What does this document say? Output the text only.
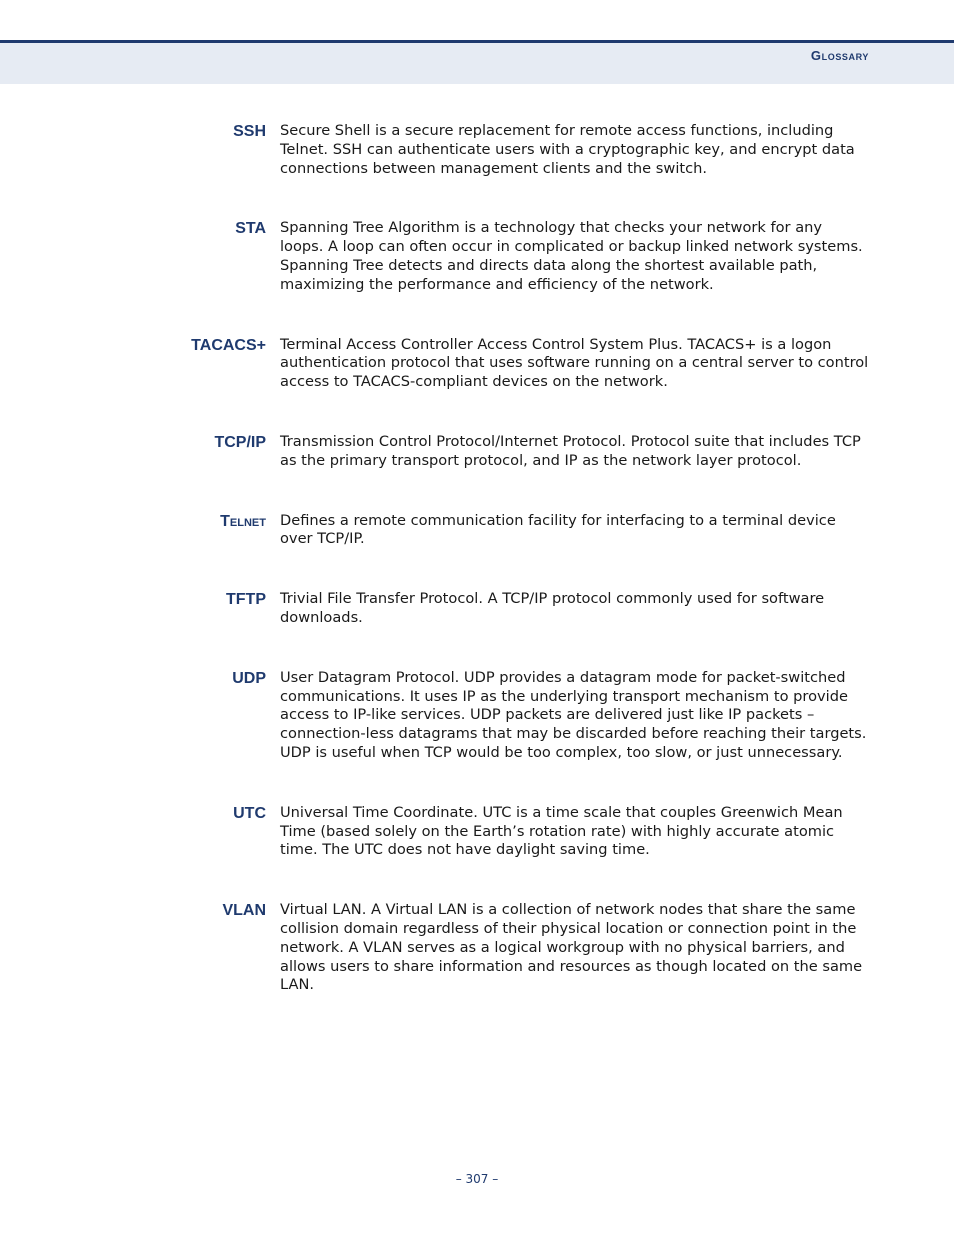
Glossary
SSH Secure Shell is a secure replacement for remote access functions, including Telnet. SSH can authenticate users with a cryptographic key, and encrypt data connections between management clients and the switch.
STA Spanning Tree Algorithm is a technology that checks your network for any loops. A loop can often occur in complicated or backup linked network systems. Spanning Tree detects and directs data along the shortest available path, maximizing the performance and efficiency of the network.
TACACS+ Terminal Access Controller Access Control System Plus. TACACS+ is a logon authentication protocol that uses software running on a central server to control access to TACACS-compliant devices on the network.
TCP/IP Transmission Control Protocol/Internet Protocol. Protocol suite that includes TCP as the primary transport protocol, and IP as the network layer protocol.
Telnet Defines a remote communication facility for interfacing to a terminal device over TCP/IP.
TFTP Trivial File Transfer Protocol. A TCP/IP protocol commonly used for software downloads.
UDP User Datagram Protocol. UDP provides a datagram mode for packet-switched communications. It uses IP as the underlying transport mechanism to provide access to IP-like services. UDP packets are delivered just like IP packets – connection-less datagrams that may be discarded before reaching their targets. UDP is useful when TCP would be too complex, too slow, or just unnecessary.
UTC Universal Time Coordinate. UTC is a time scale that couples Greenwich Mean Time (based solely on the Earth’s rotation rate) with highly accurate atomic time. The UTC does not have daylight saving time.
VLAN Virtual LAN. A Virtual LAN is a collection of network nodes that share the same collision domain regardless of their physical location or connection point in the network. A VLAN serves as a logical workgroup with no physical barriers, and allows users to share information and resources as though located on the same LAN.
– 307 –
